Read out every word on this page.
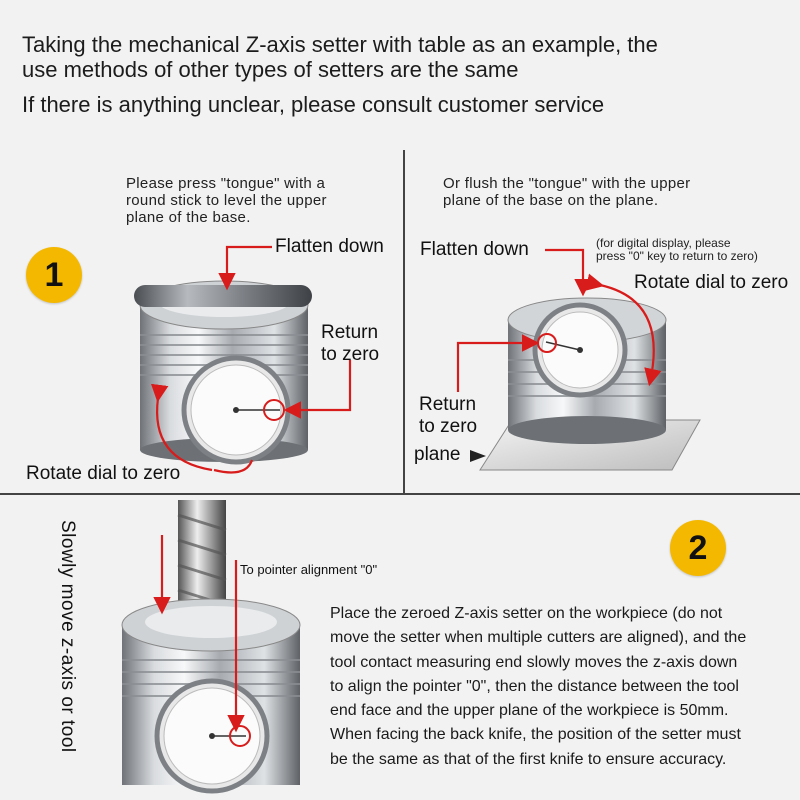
Taking the mechanical Z-axis setter with table as an example, the
use methods of other types of setters are the same
If there is anything unclear, please consult customer service
1
Please press "tongue" with a
round stick to level the upper
plane of the base.
Flatten down
Return
to zero
Rotate dial to zero
Or flush the "tongue" with the upper
plane of the base on the plane.
Flatten down	(for digital display, please
press "0" key to return to zero)
Rotate dial to zero
Return
to zero
plane
2
Slowly move z-axis or tool	To pointer alignment "0"
Place the zeroed Z-axis setter on the workpiece (do not
move the setter when multiple cutters are aligned), and the
tool contact measuring end slowly moves the z-axis down
to align the pointer "0", then the distance between the tool
end face and the upper plane of the workpiece is 50mm.
When facing the back knife, the position of the setter must
be the same as that of the first knife to ensure accuracy.
